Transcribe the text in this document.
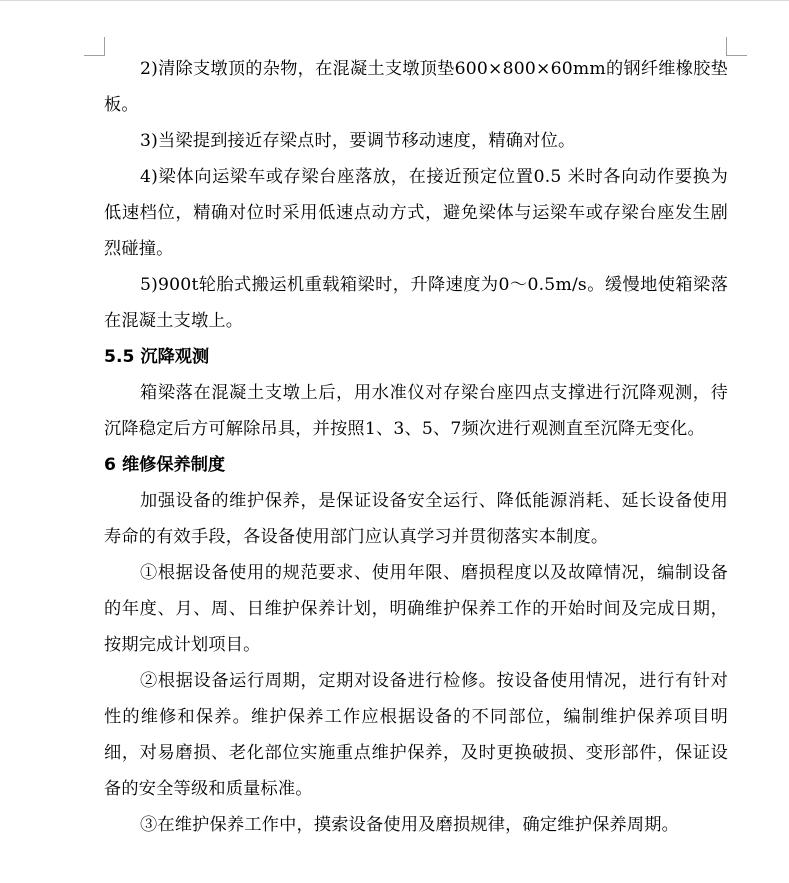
2)清除支墩顶的杂物，在混凝土支墩顶垫600×800×60mm的钢纤维橡胶垫板。

3)当梁提到接近存梁点时，要调节移动速度，精确对位。

4)梁体向运梁车或存梁台座落放，在接近预定位置0.5 米时各向动作要换为低速档位，精确对位时采用低速点动方式，避免梁体与运梁车或存梁台座发生剧烈碰撞。

5)900t轮胎式搬运机重载箱梁时，升降速度为0～0.5m/s。缓慢地使箱梁落在混凝土支墩上。

5.5 沉降观测

箱梁落在混凝土支墩上后，用水准仪对存梁台座四点支撑进行沉降观测，待沉降稳定后方可解除吊具，并按照1、3、5、7频次进行观测直至沉降无变化。

6 维修保养制度

加强设备的维护保养，是保证设备安全运行、降低能源消耗、延长设备使用寿命的有效手段，各设备使用部门应认真学习并贯彻落实本制度。

①根据设备使用的规范要求、使用年限、磨损程度以及故障情况，编制设备的年度、月、周、日维护保养计划，明确维护保养工作的开始时间及完成日期，按期完成计划项目。

②根据设备运行周期，定期对设备进行检修。按设备使用情况，进行有针对性的维修和保养。维护保养工作应根据设备的不同部位，编制维护保养项目明细，对易磨损、老化部位实施重点维护保养，及时更换破损、变形部件，保证设备的安全等级和质量标准。

③在维护保养工作中，摸索设备使用及磨损规律，确定维护保养周期。
